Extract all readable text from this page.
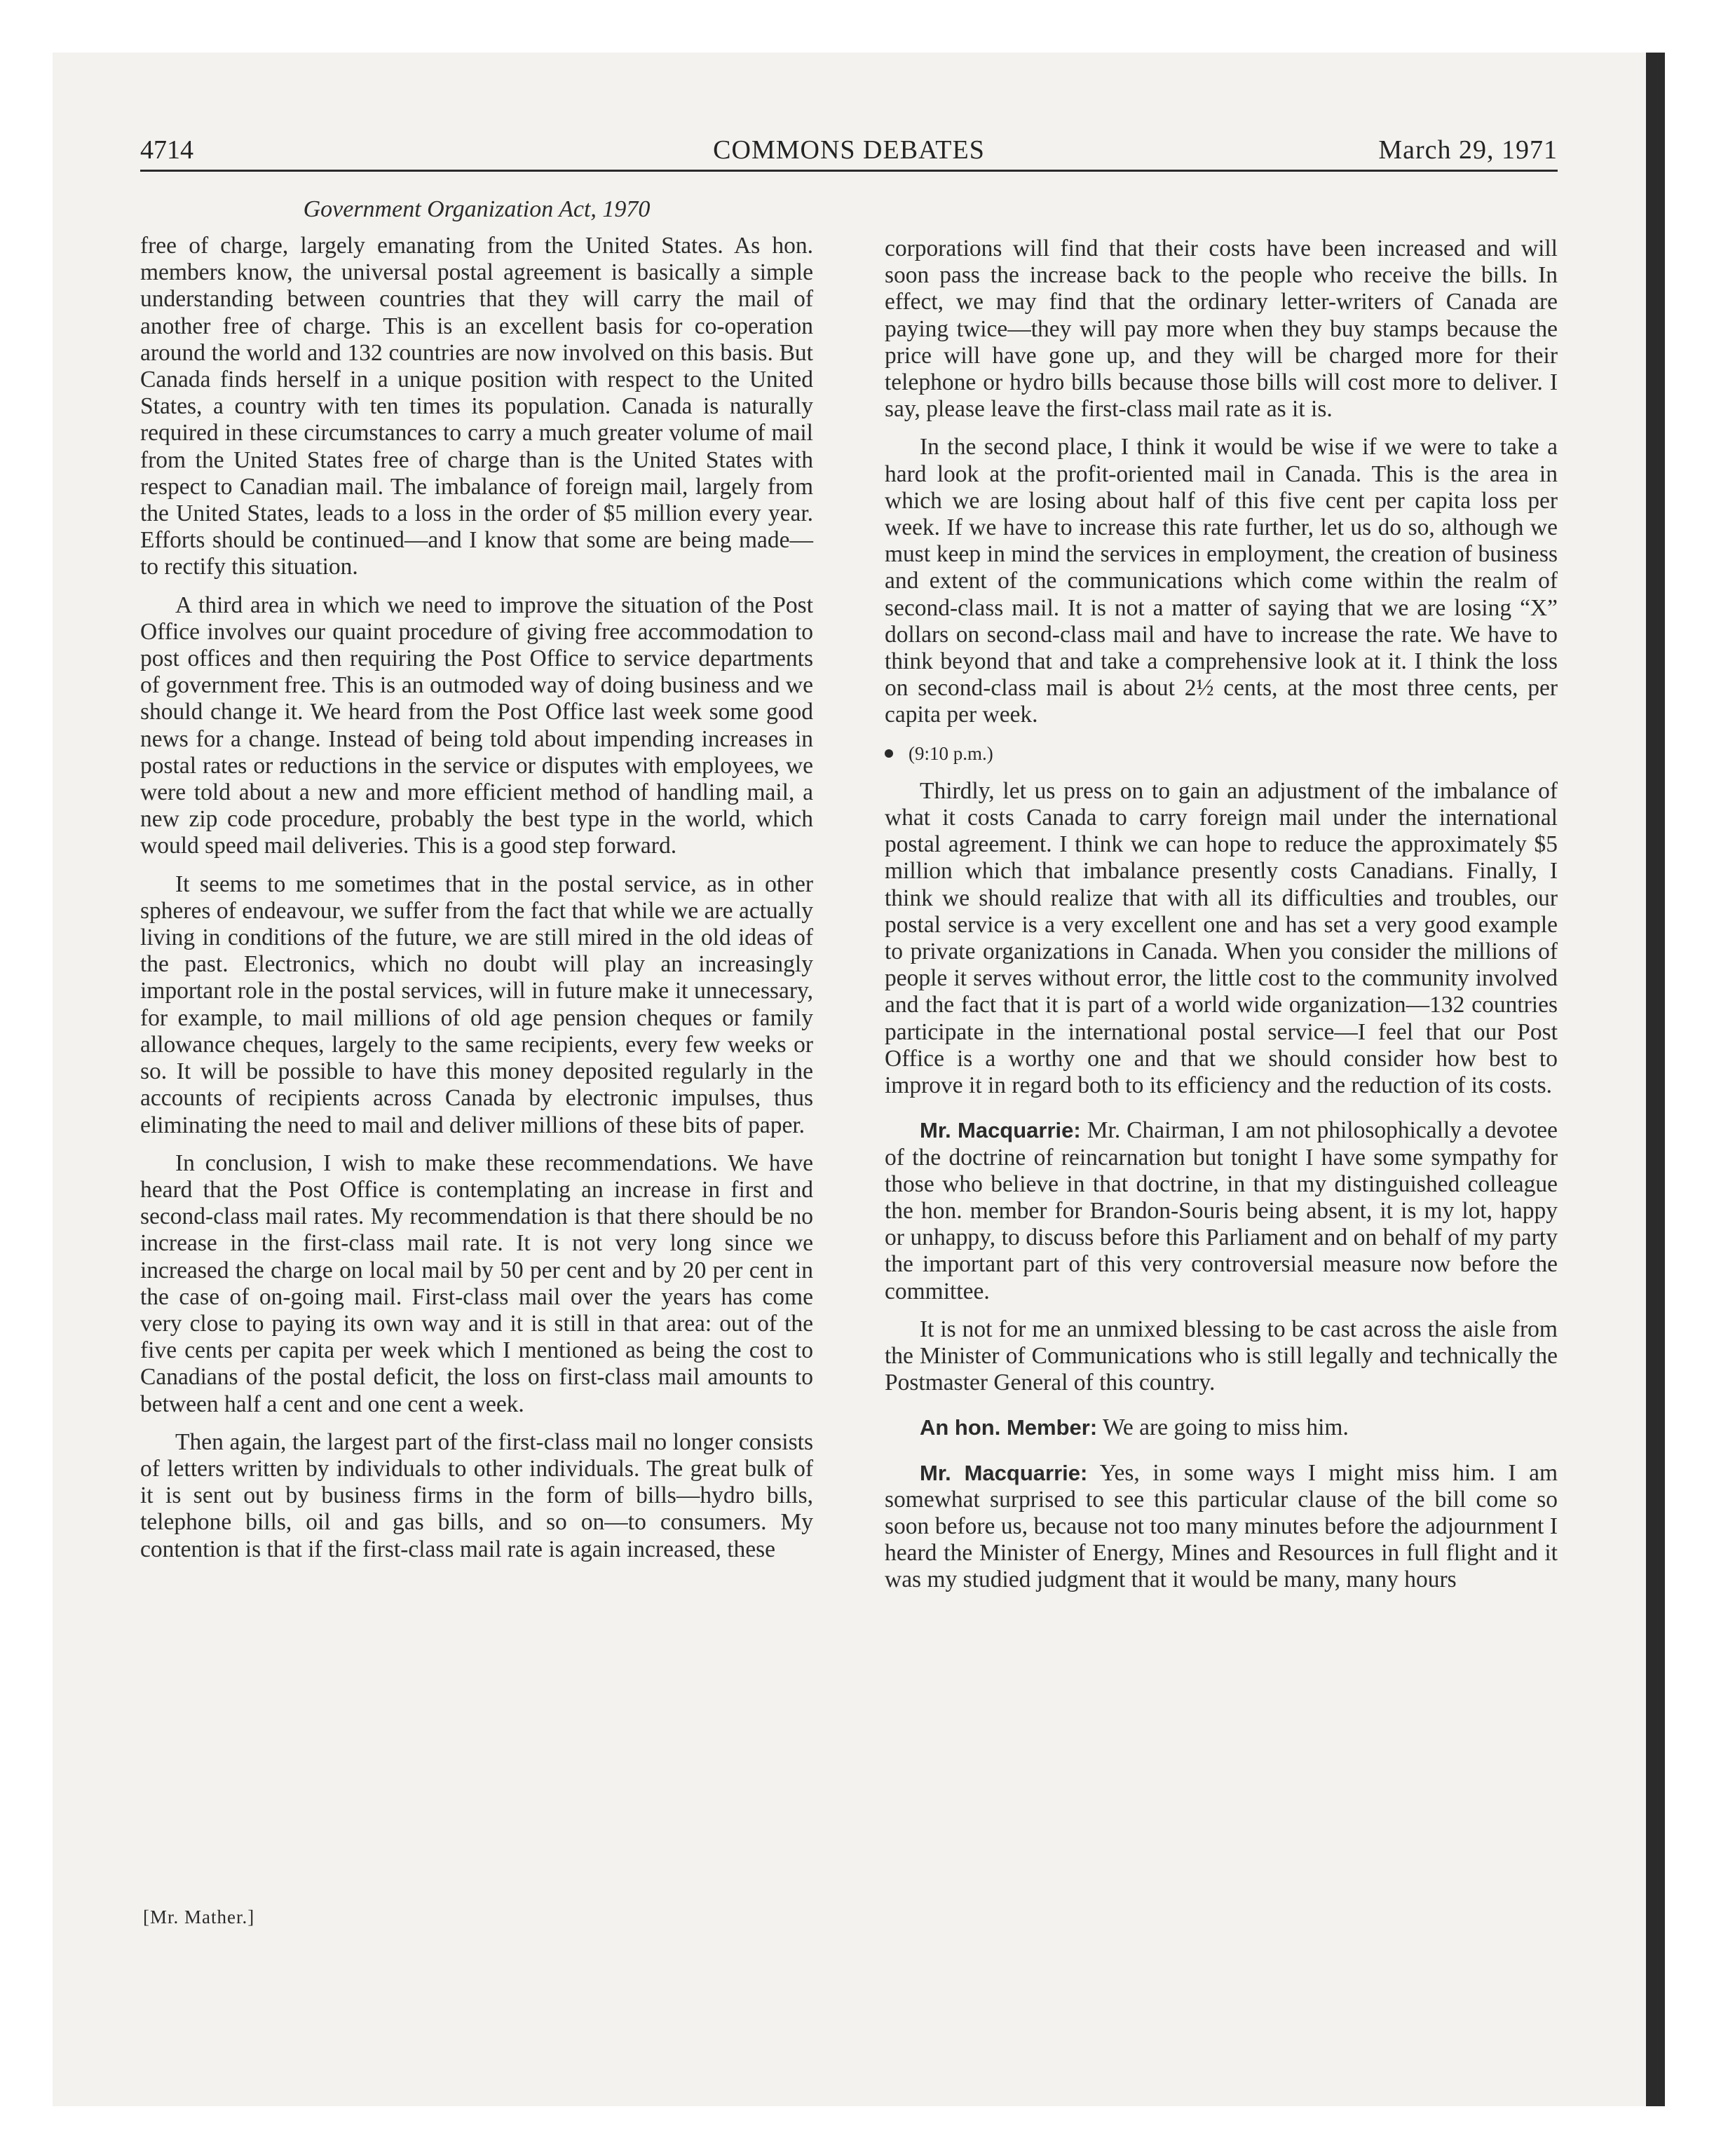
4714	COMMONS DEBATES	March 29, 1971
Government Organization Act, 1970

free of charge, largely emanating from the United States. As hon. members know, the universal postal agreement is basically a simple understanding between countries that they will carry the mail of another free of charge. This is an excellent basis for co-operation around the world and 132 countries are now involved on this basis. But Canada finds herself in a unique position with respect to the United States, a country with ten times its population. Canada is naturally required in these circumstances to carry a much greater volume of mail from the United States free of charge than is the United States with respect to Canadian mail. The imbalance of foreign mail, largely from the United States, leads to a loss in the order of $5 million every year. Efforts should be continued—and I know that some are being made—to rectify this situation.

A third area in which we need to improve the situation of the Post Office involves our quaint procedure of giving free accommodation to post offices and then requiring the Post Office to service departments of government free. This is an outmoded way of doing business and we should change it. We heard from the Post Office last week some good news for a change. Instead of being told about impending increases in postal rates or reductions in the service or disputes with employees, we were told about a new and more efficient method of handling mail, a new zip code procedure, probably the best type in the world, which would speed mail deliveries. This is a good step forward.

It seems to me sometimes that in the postal service, as in other spheres of endeavour, we suffer from the fact that while we are actually living in conditions of the future, we are still mired in the old ideas of the past. Electronics, which no doubt will play an increasingly important role in the postal services, will in future make it unnecessary, for example, to mail millions of old age pension cheques or family allowance cheques, largely to the same recipients, every few weeks or so. It will be possible to have this money deposited regularly in the accounts of recipients across Canada by electronic impulses, thus eliminating the need to mail and deliver millions of these bits of paper.

In conclusion, I wish to make these recommendations. We have heard that the Post Office is contemplating an increase in first and second-class mail rates. My recommendation is that there should be no increase in the first-class mail rate. It is not very long since we increased the charge on local mail by 50 per cent and by 20 per cent in the case of on-going mail. First-class mail over the years has come very close to paying its own way and it is still in that area: out of the five cents per capita per week which I mentioned as being the cost to Canadians of the postal deficit, the loss on first-class mail amounts to between half a cent and one cent a week.

Then again, the largest part of the first-class mail no longer consists of letters written by individuals to other individuals. The great bulk of it is sent out by business firms in the form of bills—hydro bills, telephone bills, oil and gas bills, and so on—to consumers. My contention is that if the first-class mail rate is again increased, these

[Mr. Mather.]

corporations will find that their costs have been increased and will soon pass the increase back to the people who receive the bills. In effect, we may find that the ordinary letter-writers of Canada are paying twice—they will pay more when they buy stamps because the price will have gone up, and they will be charged more for their telephone or hydro bills because those bills will cost more to deliver. I say, please leave the first-class mail rate as it is.

In the second place, I think it would be wise if we were to take a hard look at the profit-oriented mail in Canada. This is the area in which we are losing about half of this five cent per capita loss per week. If we have to increase this rate further, let us do so, although we must keep in mind the services in employment, the creation of business and extent of the communications which come within the realm of second-class mail. It is not a matter of saying that we are losing “X” dollars on second-class mail and have to increase the rate. We have to think beyond that and take a comprehensive look at it. I think the loss on second-class mail is about 2½ cents, at the most three cents, per capita per week.

(9:10 p.m.)

Thirdly, let us press on to gain an adjustment of the imbalance of what it costs Canada to carry foreign mail under the international postal agreement. I think we can hope to reduce the approximately $5 million which that imbalance presently costs Canadians. Finally, I think we should realize that with all its difficulties and troubles, our postal service is a very excellent one and has set a very good example to private organizations in Canada. When you consider the millions of people it serves without error, the little cost to the community involved and the fact that it is part of a world wide organization—132 countries participate in the international postal service—I feel that our Post Office is a worthy one and that we should consider how best to improve it in regard both to its efficiency and the reduction of its costs.

Mr. Macquarrie: Mr. Chairman, I am not philosophically a devotee of the doctrine of reincarnation but tonight I have some sympathy for those who believe in that doctrine, in that my distinguished colleague the hon. member for Brandon-Souris being absent, it is my lot, happy or unhappy, to discuss before this Parliament and on behalf of my party the important part of this very controversial measure now before the committee.

It is not for me an unmixed blessing to be cast across the aisle from the Minister of Communications who is still legally and technically the Postmaster General of this country.

An hon. Member: We are going to miss him.

Mr. Macquarrie: Yes, in some ways I might miss him. I am somewhat surprised to see this particular clause of the bill come so soon before us, because not too many minutes before the adjournment I heard the Minister of Energy, Mines and Resources in full flight and it was my studied judgment that it would be many, many hours
